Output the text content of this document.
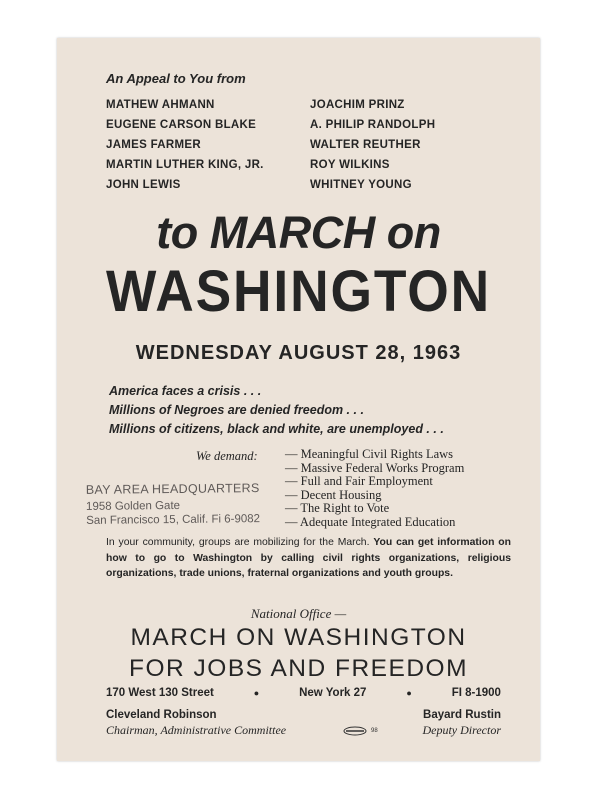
An Appeal to You from
MATHEW AHMANN
EUGENE CARSON BLAKE
JAMES FARMER
MARTIN LUTHER KING, JR.
JOHN LEWIS
JOACHIM PRINZ
A. PHILIP RANDOLPH
WALTER REUTHER
ROY WILKINS
WHITNEY YOUNG
to MARCH on
WASHINGTON
WEDNESDAY AUGUST 28, 1963
America faces a crisis . . .
Millions of Negroes are denied freedom . . .
Millions of citizens, black and white, are unemployed . . .
We demand: — Meaningful Civil Rights Laws
— Massive Federal Works Program
— Full and Fair Employment
— Decent Housing
— The Right to Vote
— Adequate Integrated Education
BAY AREA HEADQUARTERS
1958 Golden Gate
San Francisco 15, Calif. Fi 6-9082
In your community, groups are mobilizing for the March. You can get information on how to go to Washington by calling civil rights organizations, religious organizations, trade unions, fraternal organizations and youth groups.
National Office —
MARCH ON WASHINGTON
FOR JOBS AND FREEDOM
170 West 130 Street	●	New York 27	●	FI 8-1900
Cleveland Robinson
Chairman, Administrative Committee	98
Bayard Rustin
Deputy Director
